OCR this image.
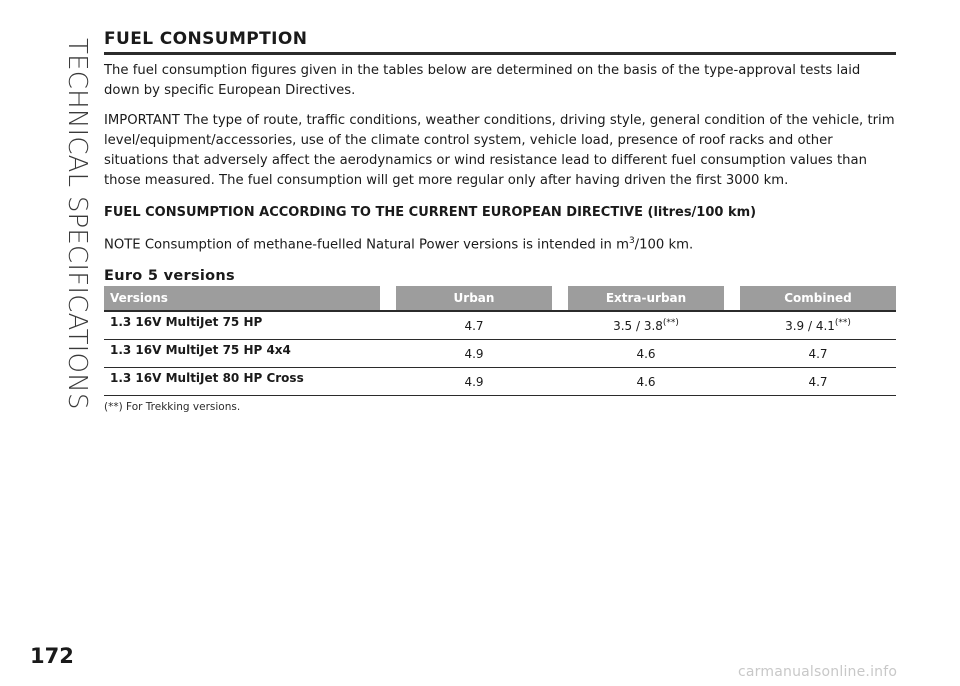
TECHNICAL SPECIFICATIONS FUEL CONSUMPTION

The fuel consumption figures given in the tables below are determined on the basis of the type-approval tests laid down by specific European Directives.

IMPORTANT The type of route, traffic conditions, weather conditions, driving style, general condition of the vehicle, trim level/equipment/accessories, use of the climate control system, vehicle load, presence of roof racks and other situations that adversely affect the aerodynamics or wind resistance lead to different fuel consumption values than those measured. The fuel consumption will get more regular only after having driven the first 3000 km.

FUEL CONSUMPTION ACCORDING TO THE CURRENT EUROPEAN DIRECTIVE (litres/100 km)

NOTE Consumption of methane-fuelled Natural Power versions is intended in $m^3/100$ km.

Euro 5 versions
Versions		Urban		Extra-urban		Combined
1.3 16V MultiJet 75 HP		4.7		3.5 / 3.8(**)		3.9 / 4.1(**)
1.3 16V MultiJet 75 HP 4x4		4.9		4.6		4.7
1.3 16V MultiJet 80 HP Cross		4.9		4.6		4.7
(**) For Trekking versions.
172
carmanualsonline.info
